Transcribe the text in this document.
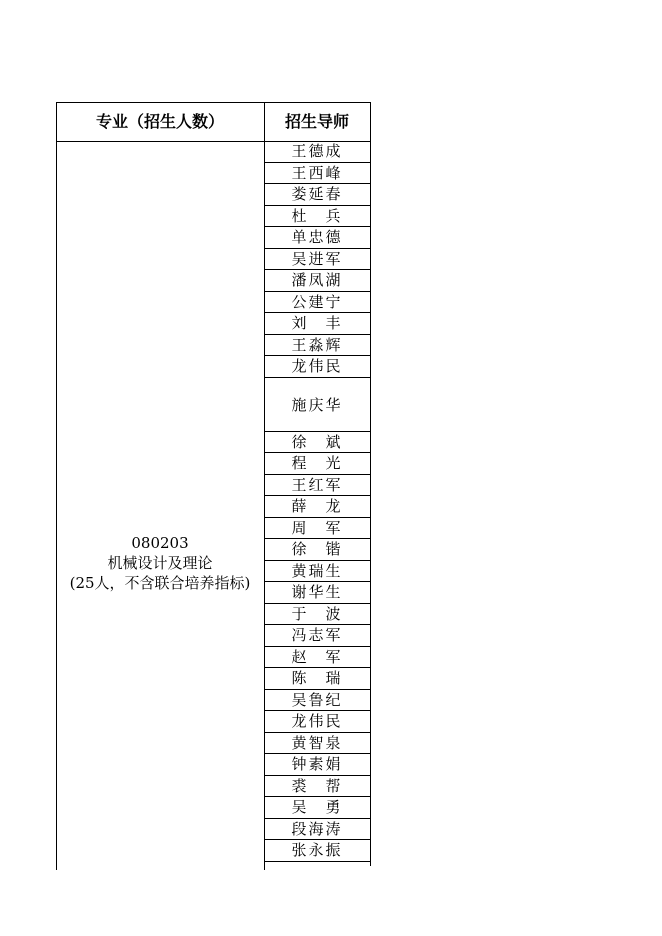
专业（招生人数）	招生导师
080203
机械设计及理论
(25人，不含联合培养指标)
王德成
王西峰
娄延春
杜　兵
单忠德
吴进军
潘凤湖
公建宁
刘　丰
王淼辉
龙伟民
施庆华
徐　斌
程　光
王红军
薛　龙
周　军
徐　锴
黄瑞生
谢华生
于　波
冯志军
赵　军
陈　瑞
吴鲁纪
龙伟民
黄智泉
钟素娟
裘　帮
吴　勇
段海涛
张永振
